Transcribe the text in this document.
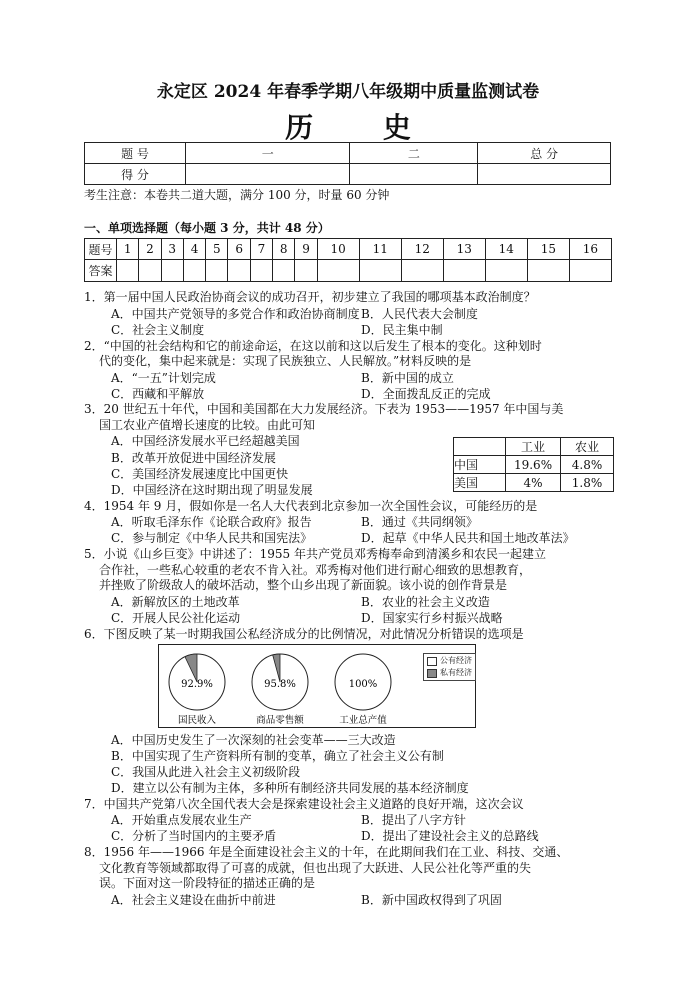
永定区 2024 年春季学期八年级期中质量监测试卷
历 史
题 号	一	二	总 分
得 分			
考生注意：本卷共二道大题，满分 100 分，时量 60 分钟
一、单项选择题（每小题 3 分，共计 48 分）
题号	1	2	3	4	5	6	7	8	9	10	11	12	13	14	15	16
答案																
1．第一届中国人民政治协商会议的成功召开，初步建立了我国的哪项基本政治制度？
A．中国共产党领导的多党合作和政治协商制度 B．人民代表大会制度
C．社会主义制度	D．民主集中制
2．“中国的社会结构和它的前途命运，在这以前和这以后发生了根本的变化。这种划时
代的变化，集中起来就是：实现了民族独立、人民解放。”材料反映的是
A．“一五”计划完成	B．新中国的成立
C．西藏和平解放	D．全面拨乱反正的完成
3．20 世纪五十年代，中国和美国都在大力发展经济。下表为 1953——1957 年中国与美
国工农业产值增长速度的比较。由此可知
A．中国经济发展水平已经超越美国
B．改革开放促进中国经济发展
C．美国经济发展速度比中国更快
D．中国经济在这时期出现了明显发展
4．1954 年 9 月，假如你是一名人大代表到北京参加一次全国性会议，可能经历的是
A．听取毛泽东作《论联合政府》报告	B．通过《共同纲领》
C．参与制定《中华人民共和国宪法》	D．起草《中华人民共和国土地改革法》
5．小说《山乡巨变》中讲述了：1955 年共产党员邓秀梅奉命到清溪乡和农民一起建立
合作社，一些私心较重的老农不肯入社。邓秀梅对他们进行耐心细致的思想教育，
并挫败了阶级敌人的破坏活动，整个山乡出现了新面貌。该小说的创作背景是
A．新解放区的土地改革	B．农业的社会主义改造
C．开展人民公社化运动	D．国家实行乡村振兴战略
6．下图反映了某一时期我国公私经济成分的比例情况，对此情况分析错误的选项是
A．中国历史发生了一次深刻的社会变革——三大改造
B．中国实现了生产资料所有制的变革，确立了社会主义公有制
C．我国从此进入社会主义初级阶段
D．建立以公有制为主体，多种所有制经济共同发展的基本经济制度
7．中国共产党第八次全国代表大会是探索建设社会主义道路的良好开端，这次会议
A．开始重点发展农业生产	B．提出了八字方针
C．分析了当时国内的主要矛盾	D．提出了建设社会主义的总路线
8．1956 年——1966 年是全面建设社会主义的十年，在此期间我们在工业、科技、交通、
文化教育等领域都取得了可喜的成就，但也出现了大跃进、人民公社化等严重的失
误。下面对这一阶段特征的描述正确的是
A．社会主义建设在曲折中前进	B．新中国政权得到了巩固
	工业	农业
中国	19.6%	4.8%
美国	4%	1.8%
92.9%
国民收入
95.8%
商品零售额
100%
工业总产值
公有经济
私有经济
